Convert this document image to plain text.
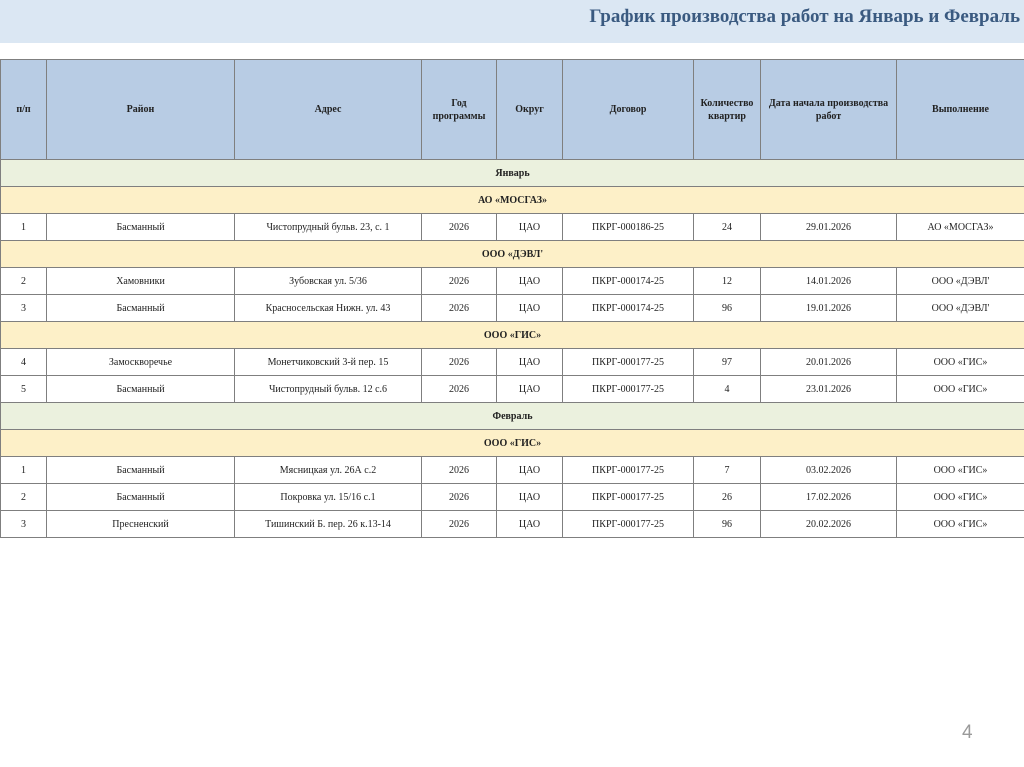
График производства работ на Январь и Февраль
п/п	Район	Адрес	Год программы	Округ	Договор	Количество квартир	Дата начала производства работ	Выполнение
Январь								
АО «МОСГАЗ»								
1	Басманный	Чистопрудный бульв. 23, с. 1	2026	ЦАО	ПКРГ-000186-25	24	29.01.2026	АО «МОСГАЗ»
ООО «ДЭВЛ'								
2	Хамовники	Зубовская ул. 5/36	2026	ЦАО	ПКРГ-000174-25	12	14.01.2026	ООО «ДЭВЛ'
3	Басманный	Красносельская Нижн. ул. 43	2026	ЦАО	ПКРГ-000174-25	96	19.01.2026	ООО «ДЭВЛ'
ООО «ГИС»								
4	Замоскворечье	Монетчиковский 3-й пер. 15	2026	ЦАО	ПКРГ-000177-25	97	20.01.2026	ООО «ГИС»
5	Басманный	Чистопрудный бульв. 12 с.6	2026	ЦАО	ПКРГ-000177-25	4	23.01.2026	ООО «ГИС»
Февраль								
ООО «ГИС»								
1	Басманный	Мясницкая ул. 26А с.2	2026	ЦАО	ПКРГ-000177-25	7	03.02.2026	ООО «ГИС»
2	Басманный	Покровка ул. 15/16 с.1	2026	ЦАО	ПКРГ-000177-25	26	17.02.2026	ООО «ГИС»
3	Пресненский	Тишинский Б. пер. 26 к.13-14	2026	ЦАО	ПКРГ-000177-25	96	20.02.2026	ООО «ГИС»
4
